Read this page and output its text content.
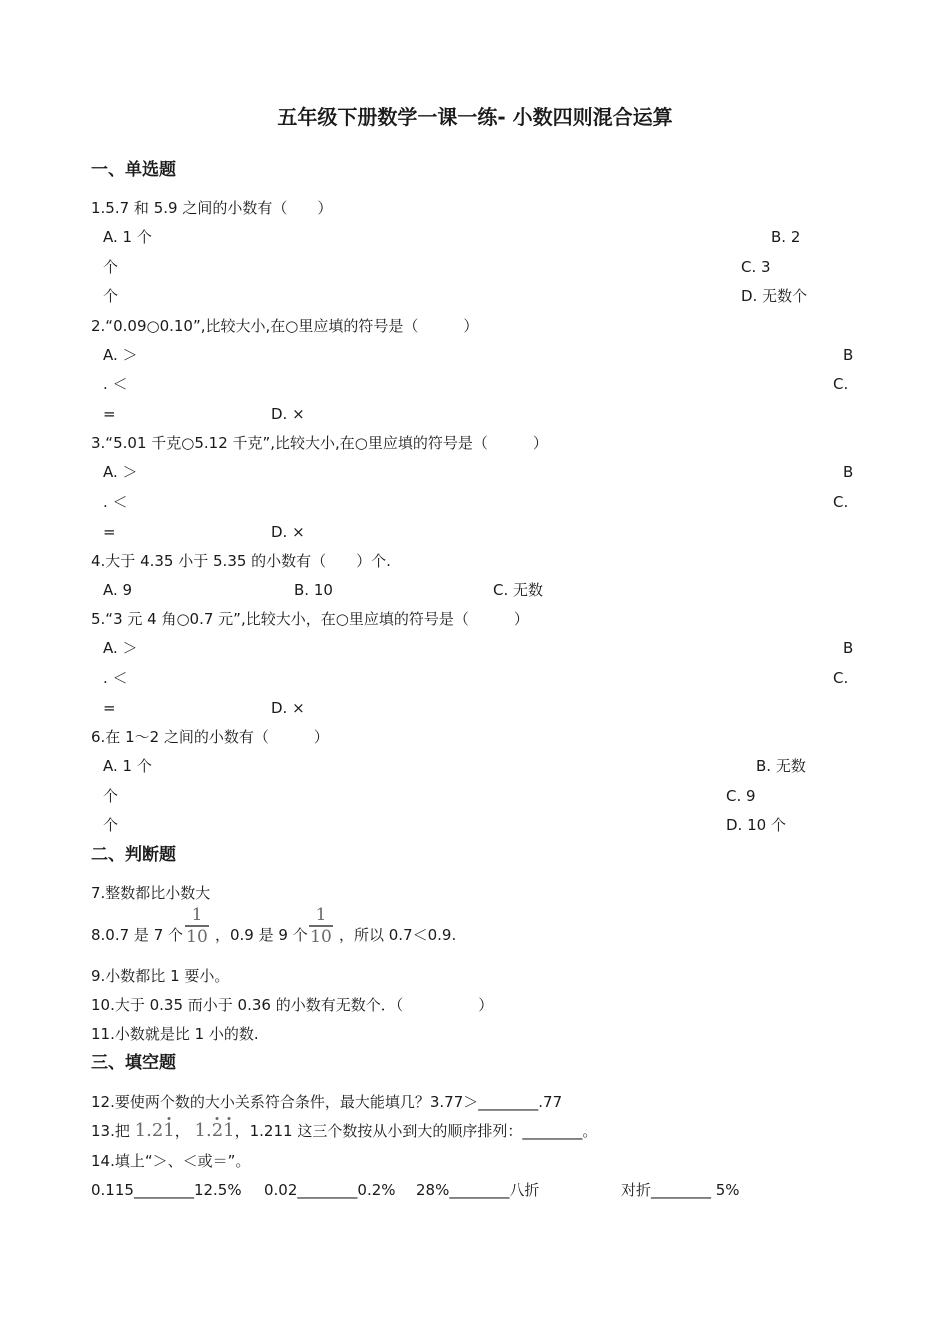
五年级下册数学一课一练- 小数四则混合运算
一、单选题
1.5.7 和 5.9 之间的小数有（　　）
A. 1 个	B. 2
个	C. 3
个	D. 无数个
2.“0.09○0.10”,比较大小,在○里应填的符号是（　　　）
A. ＞	B
. ＜	C.
=	D. ×
3.“5.01 千克○5.12 千克”,比较大小,在○里应填的符号是（　　　）
A. ＞	B
. ＜	C.
=	D. ×
4.大于 4.35 小于 5.35 的小数有（　　）个.
A. 9	B. 10	C. 无数
5.“3 元 4 角○0.7 元”,比较大小，在○里应填的符号是（　　　）
A. ＞	B
. ＜	C.
=	D. ×
6.在 1～2 之间的小数有（　　　）
A. 1 个	B. 无数
个	C. 9
个	D. 10 个
二、判断题
7.整数都比小数大
8.0.7 是 7 个
1
10 ，0.9 是 9 个
1
10 ，所以 0.7＜0.9.
9.小数都比 1 要小。
10.大于 0.35 而小于 0.36 的小数有无数个．（　　　　　）
11.小数就是比 1 小的数.
三、填空题
12.要使两个数的大小关系符合条件，最大能填几？3.77＞________.77
13.把 1.21， 1.21，1.211 这三个数按从小到大的顺序排列：________。
14.填上“＞、＜或＝”。
0.115________12.5% 0.02________0.2% 28%________八折	对折________ 5%
